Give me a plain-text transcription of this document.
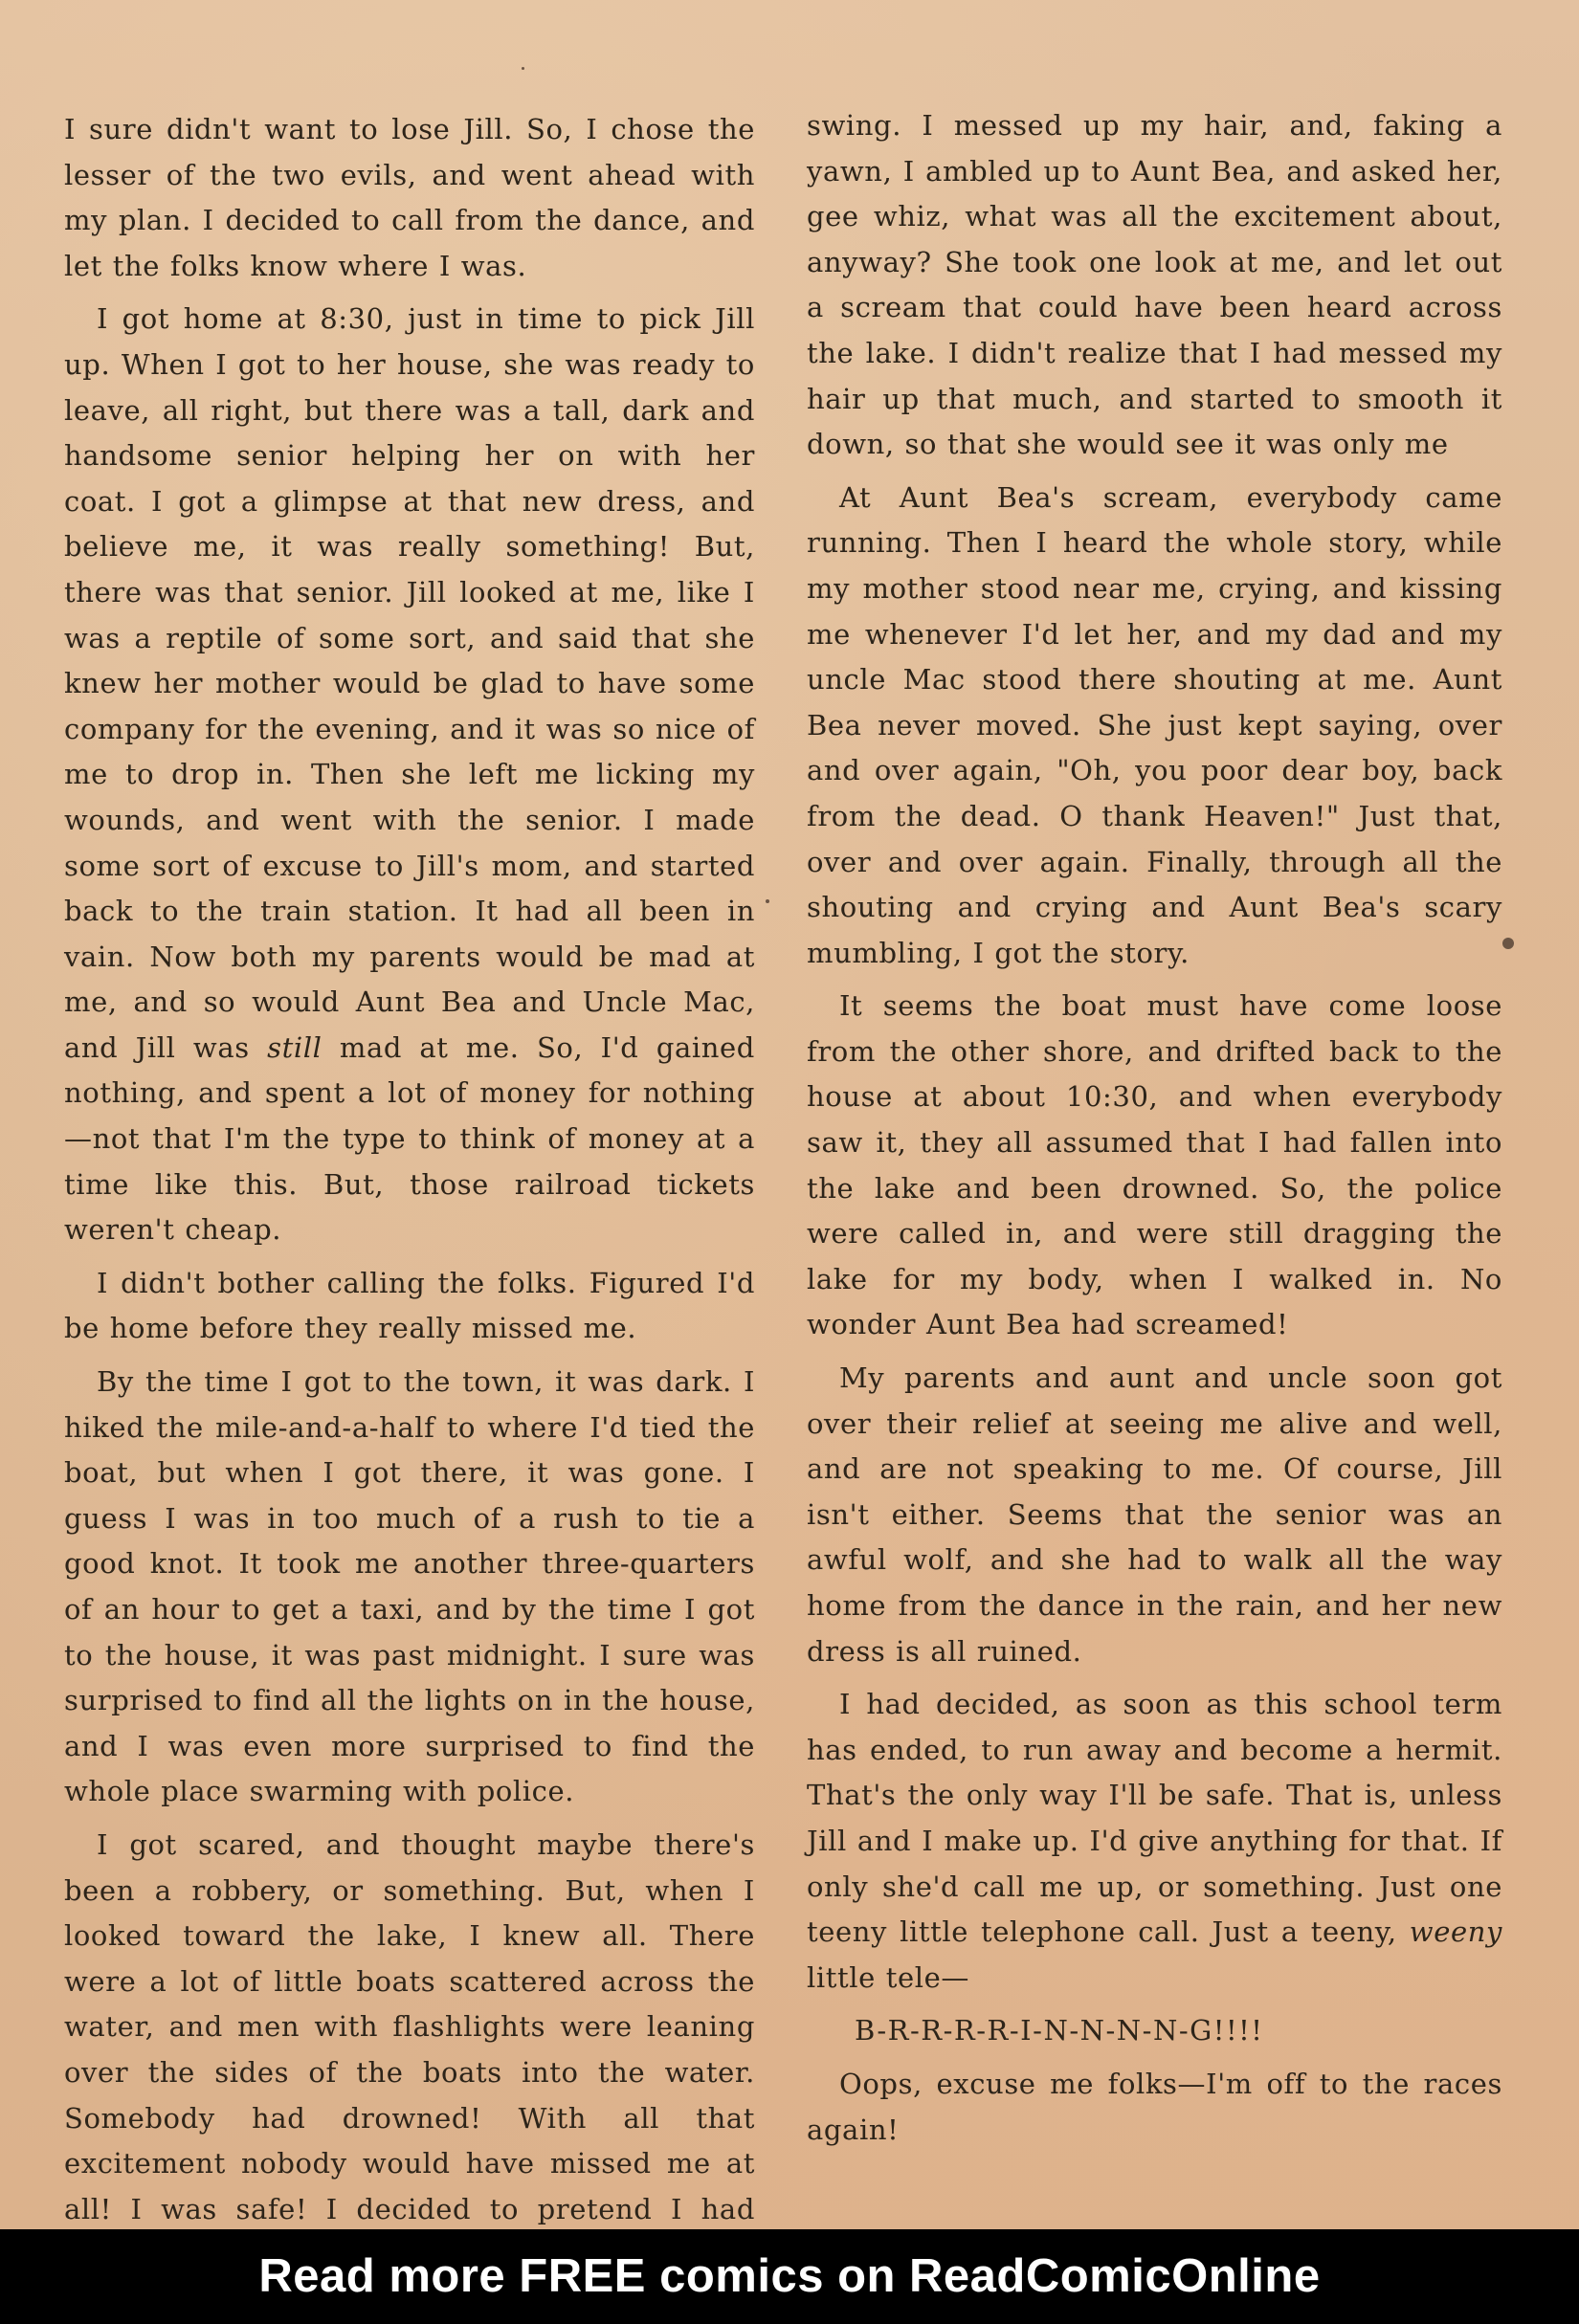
I sure didn't want to lose Jill. So, I chose the lesser of the two evils, and went ahead with my plan. I decided to call from the dance, and let the folks know where I was.

I got home at 8:30, just in time to pick Jill up. When I got to her house, she was ready to leave, all right, but there was a tall, dark and handsome senior helping her on with her coat. I got a glimpse at that new dress, and believe me, it was really something! But, there was that senior. Jill looked at me, like I was a reptile of some sort, and said that she knew her mother would be glad to have some company for the evening, and it was so nice of me to drop in. Then she left me licking my wounds, and went with the senior. I made some sort of excuse to Jill's mom, and started back to the train station. It had all been in vain. Now both my parents would be mad at me, and so would Aunt Bea and Uncle Mac, and Jill was still mad at me. So, I'd gained nothing, and spent a lot of money for nothing—not that I'm the type to think of money at a time like this. But, those railroad tickets weren't cheap.

I didn't bother calling the folks. Figured I'd be home before they really missed me.

By the time I got to the town, it was dark. I hiked the mile-and-a-half to where I'd tied the boat, but when I got there, it was gone. I guess I was in too much of a rush to tie a good knot. It took me another three-quarters of an hour to get a taxi, and by the time I got to the house, it was past midnight. I sure was surprised to find all the lights on in the house, and I was even more surprised to find the whole place swarming with police.

I got scared, and thought maybe there's been a robbery, or something. But, when I looked toward the lake, I knew all. There were a lot of little boats scattered across the water, and men with flashlights were leaning over the sides of the boats into the water. Somebody had drowned! With all that excitement nobody would have missed me at all! I was safe! I decided to pretend I had

swing. I messed up my hair, and, faking a yawn, I ambled up to Aunt Bea, and asked her, gee whiz, what was all the excitement about, anyway? She took one look at me, and let out a scream that could have been heard across the lake. I didn't realize that I had messed my hair up that much, and started to smooth it down, so that she would see it was only me

At Aunt Bea's scream, everybody came running. Then I heard the whole story, while my mother stood near me, crying, and kissing me whenever I'd let her, and my dad and my uncle Mac stood there shouting at me. Aunt Bea never moved. She just kept saying, over and over again, "Oh, you poor dear boy, back from the dead. O thank Heaven!" Just that, over and over again. Finally, through all the shouting and crying and Aunt Bea's scary mumbling, I got the story.

It seems the boat must have come loose from the other shore, and drifted back to the house at about 10:30, and when everybody saw it, they all assumed that I had fallen into the lake and been drowned. So, the police were called in, and were still dragging the lake for my body, when I walked in. No wonder Aunt Bea had screamed!

My parents and aunt and uncle soon got over their relief at seeing me alive and well, and are not speaking to me. Of course, Jill isn't either. Seems that the senior was an awful wolf, and she had to walk all the way home from the dance in the rain, and her new dress is all ruined.

I had decided, as soon as this school term has ended, to run away and become a hermit. That's the only way I'll be safe. That is, unless Jill and I make up. I'd give anything for that. If only she'd call me up, or something. Just one teeny little telephone call. Just a teeny, weeny little tele—

B-R-R-R-R-I-N-N-N-N-G!!!!

Oops, excuse me folks—I'm off to the races again!

Read more FREE comics on ReadComicOnline
